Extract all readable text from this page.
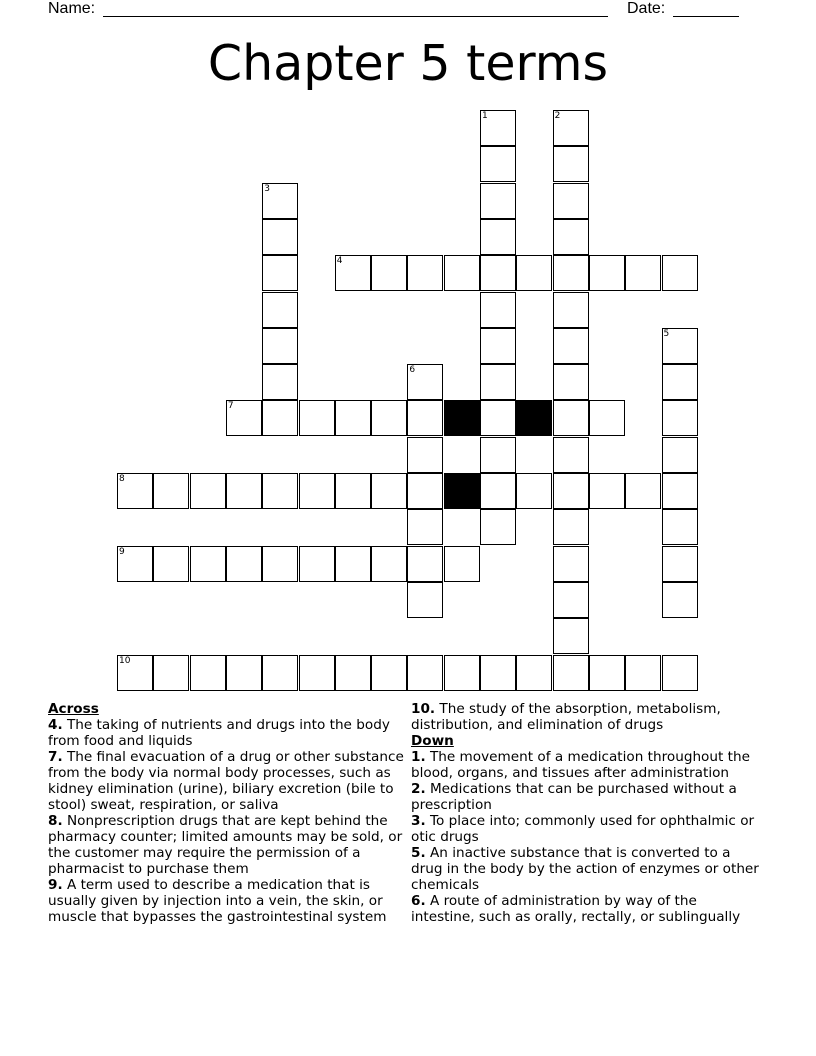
Name:	Date:
Chapter 5 terms
1	2
3
4
5
6
7
8
9
10
Across
4. The taking of nutrients and drugs into the body from food and liquids
7. The final evacuation of a drug or other substance from the body via normal body processes, such as kidney elimination (urine), biliary excretion (bile to stool) sweat, respiration, or saliva
8. Nonprescription drugs that are kept behind the pharmacy counter; limited amounts may be sold, or the customer may require the permission of a pharmacist to purchase them
9. A term used to describe a medication that is usually given by injection into a vein, the skin, or muscle that bypasses the gastrointestinal system
10. The study of the absorption, metabolism, distribution, and elimination of drugs
Down
1. The movement of a medication throughout the blood, organs, and tissues after administration
2. Medications that can be purchased without a prescription
3. To place into; commonly used for ophthalmic or otic drugs
5. An inactive substance that is converted to a drug in the body by the action of enzymes or other chemicals
6. A route of administration by way of the intestine, such as orally, rectally, or sublingually
